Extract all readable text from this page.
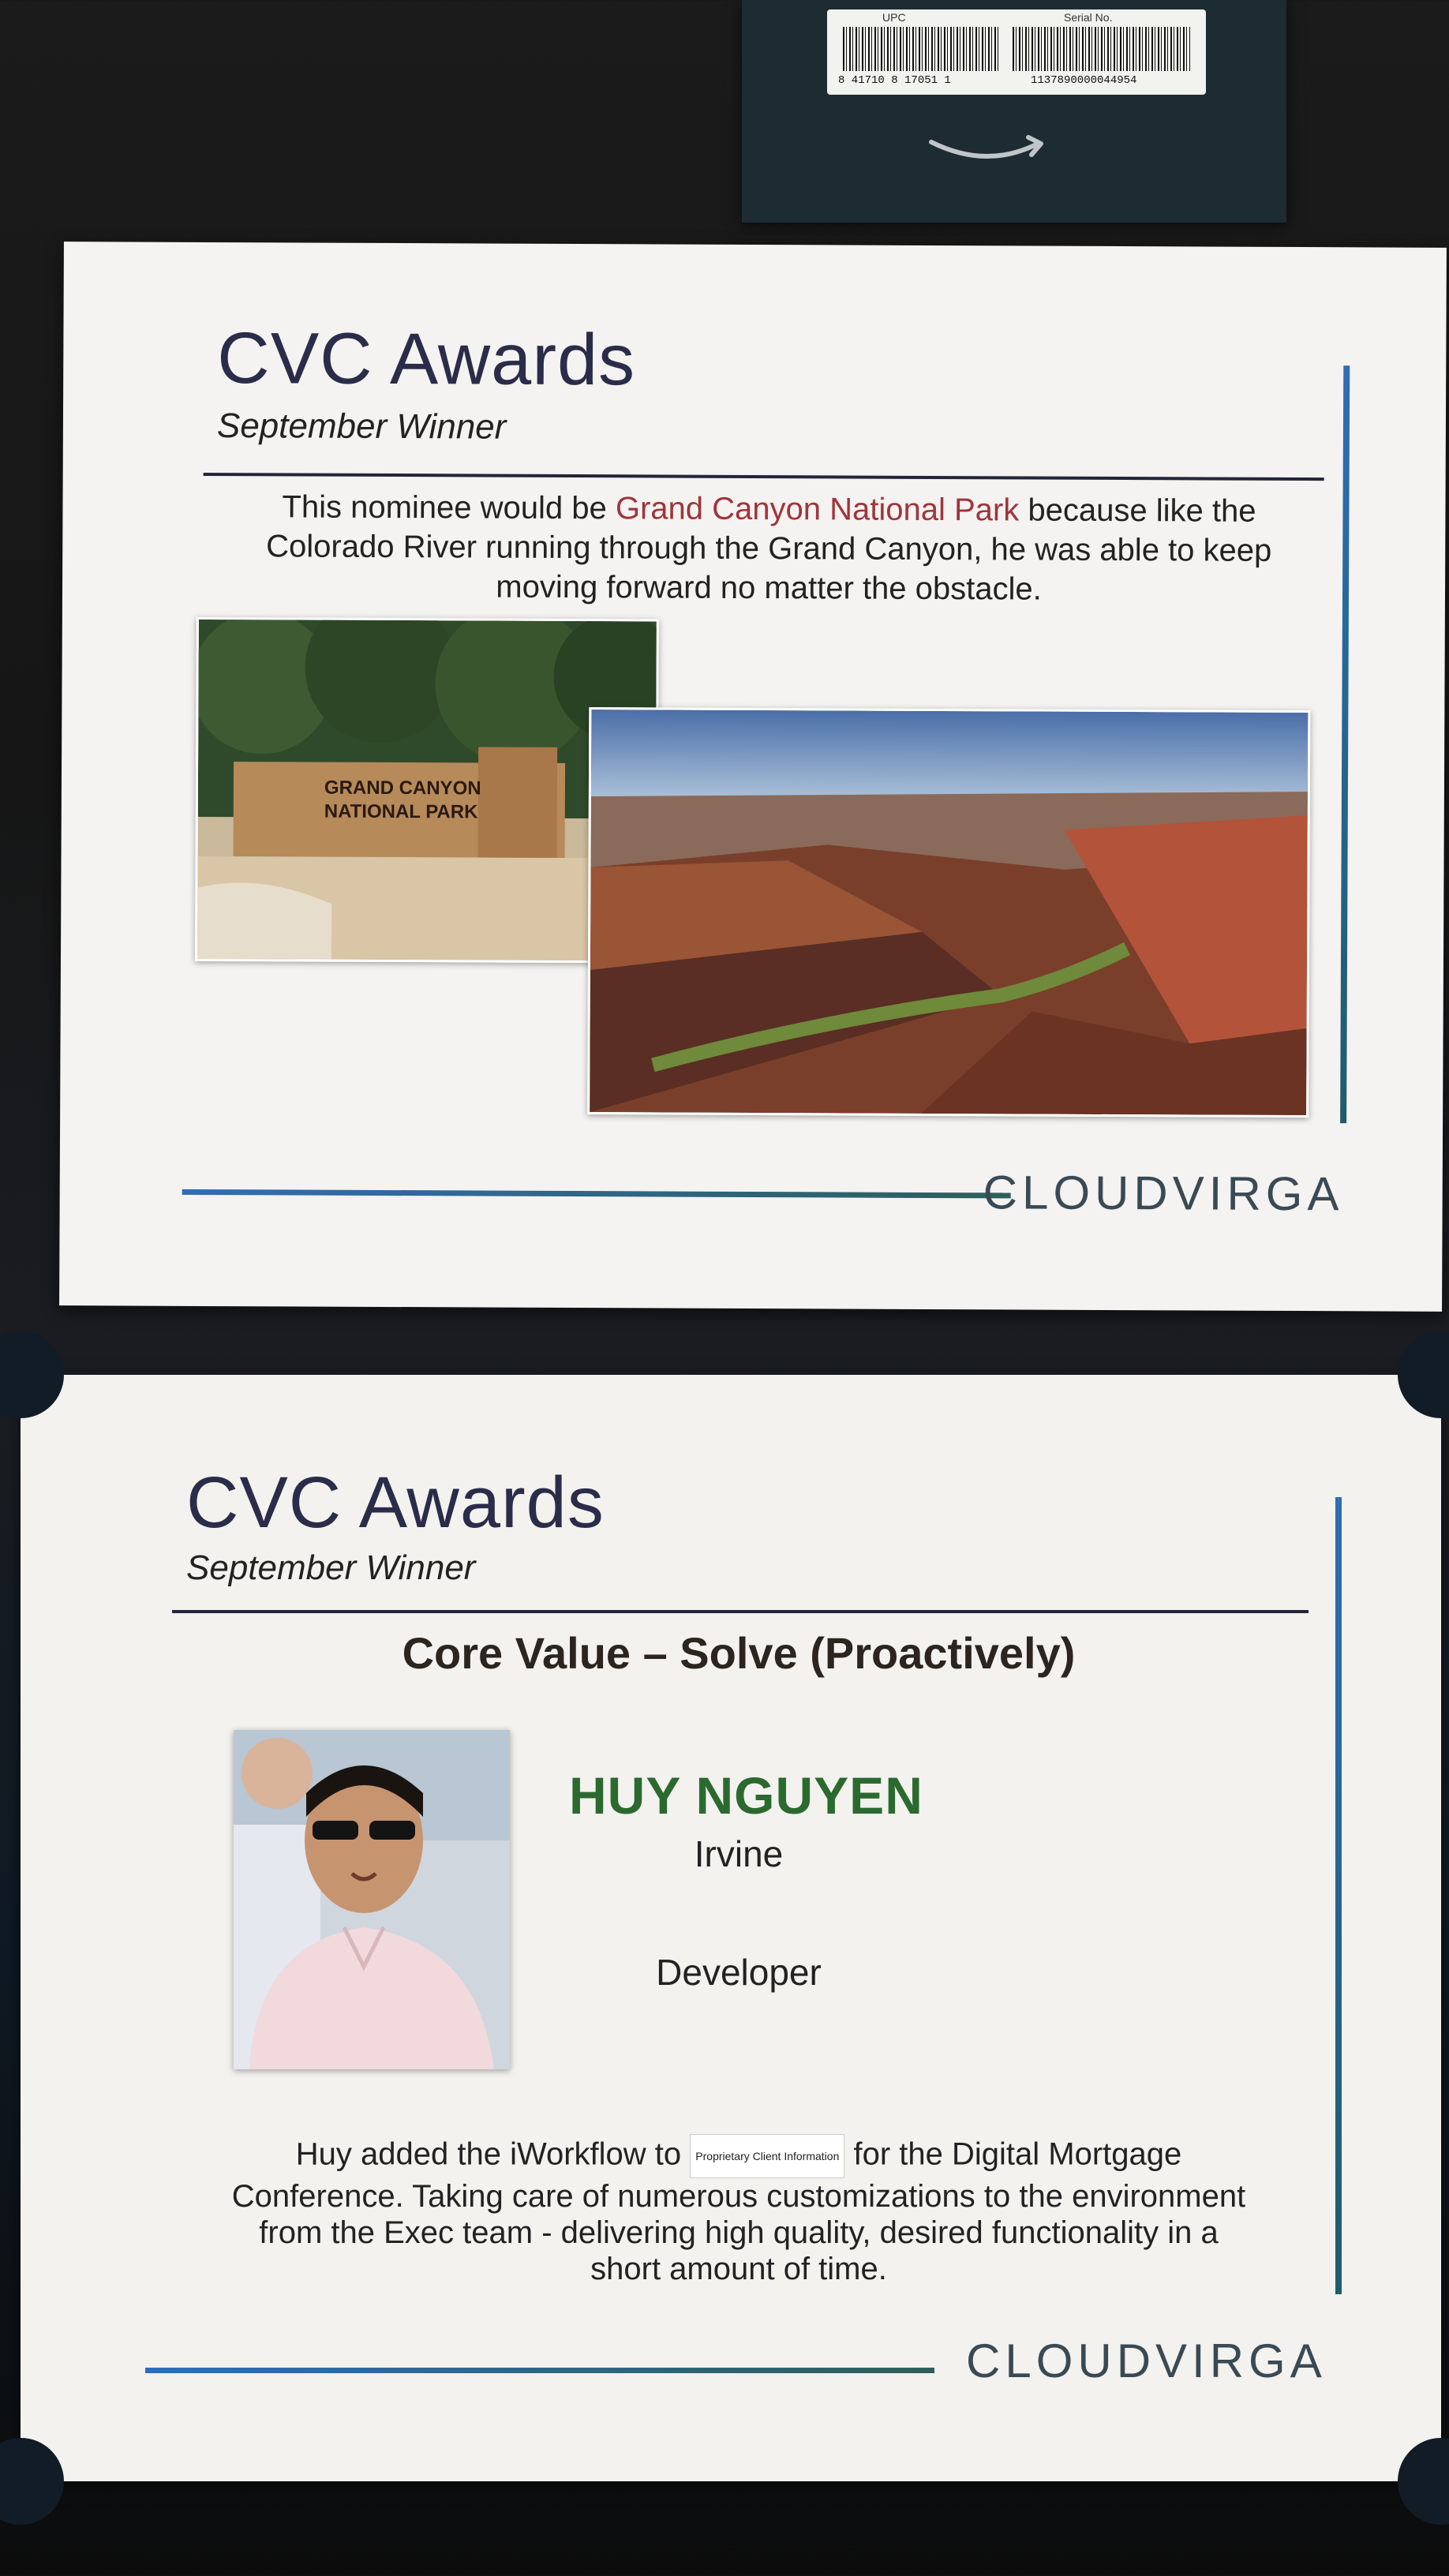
UPC	Serial No.
8 41710 8 17051 1	1137890000044954
CVC Awards
September Winner
This nominee would be Grand Canyon National Park because like the Colorado River running through the Grand Canyon, he was able to keep moving forward no matter the obstacle.
GRAND CANYON
NATIONAL PARK
CLOUDVIRGA
CVC Awards
September Winner
Core Value – Solve (Proactively)
HUY NGUYEN
Irvine
Developer
Huy added the iWorkflow to Proprietary Client Information for the Digital Mortgage Conference. Taking care of numerous customizations to the environment from the Exec team - delivering high quality, desired functionality in a short amount of time.
CLOUDVIRGA
